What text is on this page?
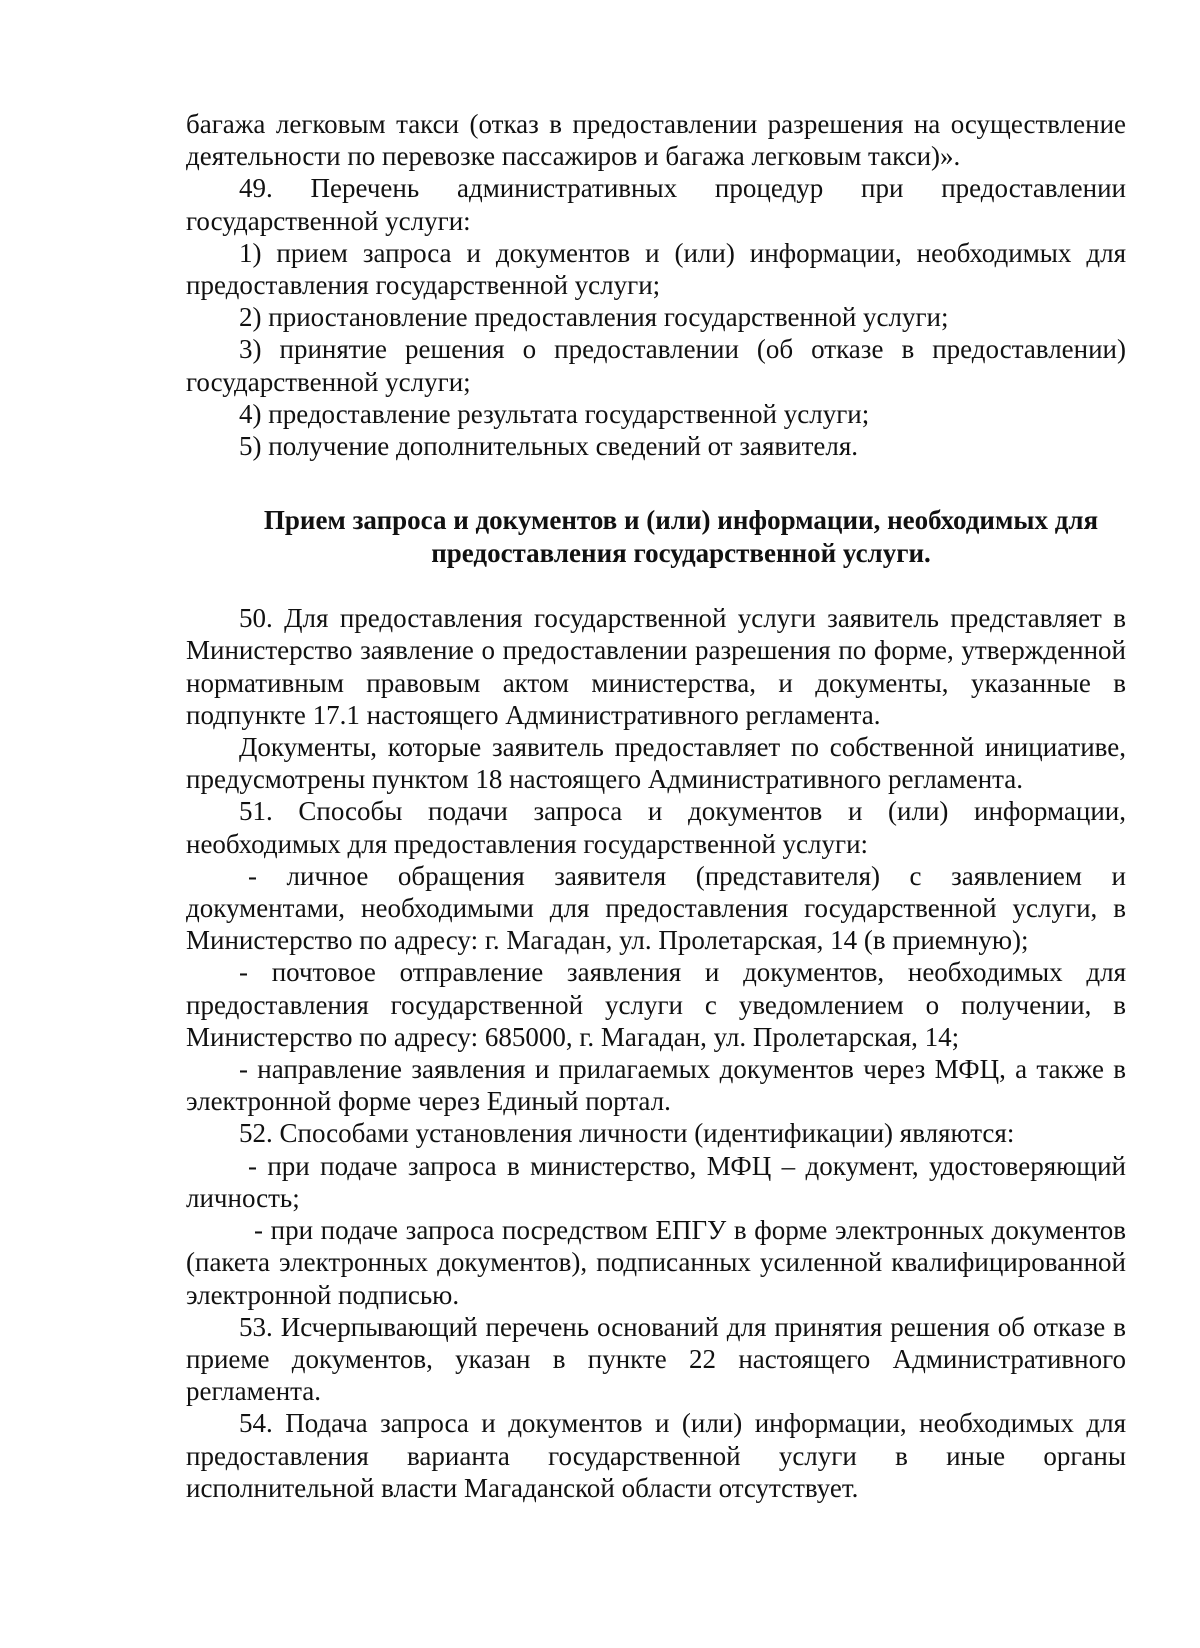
багажа легковым такси (отказ в предоставлении разрешения на осуществление деятельности по перевозке пассажиров и багажа легковым такси)».

49. Перечень административных процедур при предоставлении государственной услуги:

1) прием запроса и документов и (или) информации, необходимых для предоставления государственной услуги;

2) приостановление предоставления государственной услуги;

3) принятие решения о предоставлении (об отказе в предоставлении) государственной услуги;

4) предоставление результата государственной услуги;

5) получение дополнительных сведений от заявителя.

Прием запроса и документов и (или) информации, необходимых для
предоставления государственной услуги.

50. Для предоставления государственной услуги заявитель представляет в Министерство заявление о предоставлении разрешения по форме, утвержденной нормативным правовым актом министерства, и документы, указанные в подпункте 17.1 настоящего Административного регламента.

Документы, которые заявитель предоставляет по собственной инициативе, предусмотрены пунктом 18 настоящего Административного регламента.

51. Способы подачи запроса и документов и (или) информации, необходимых для предоставления государственной услуги:

- личное обращения заявителя (представителя) с заявлением и документами, необходимыми для предоставления государственной услуги, в Министерство по адресу: г. Магадан, ул. Пролетарская, 14 (в приемную);

- почтовое отправление заявления и документов, необходимых для предоставления государственной услуги с уведомлением о получении, в Министерство по адресу: 685000, г. Магадан, ул. Пролетарская, 14;

- направление заявления и прилагаемых документов через МФЦ, а также в электронной форме через Единый портал.

52. Способами установления личности (идентификации) являются:

- при подаче запроса в министерство, МФЦ – документ, удостоверяющий личность;

- при подаче запроса посредством ЕПГУ в форме электронных документов (пакета электронных документов), подписанных усиленной квалифицированной электронной подписью.

53. Исчерпывающий перечень оснований для принятия решения об отказе в приеме документов, указан в пункте 22 настоящего Административного регламента.

54. Подача запроса и документов и (или) информации, необходимых для предоставления варианта государственной услуги в иные органы исполнительной власти Магаданской области отсутствует.
